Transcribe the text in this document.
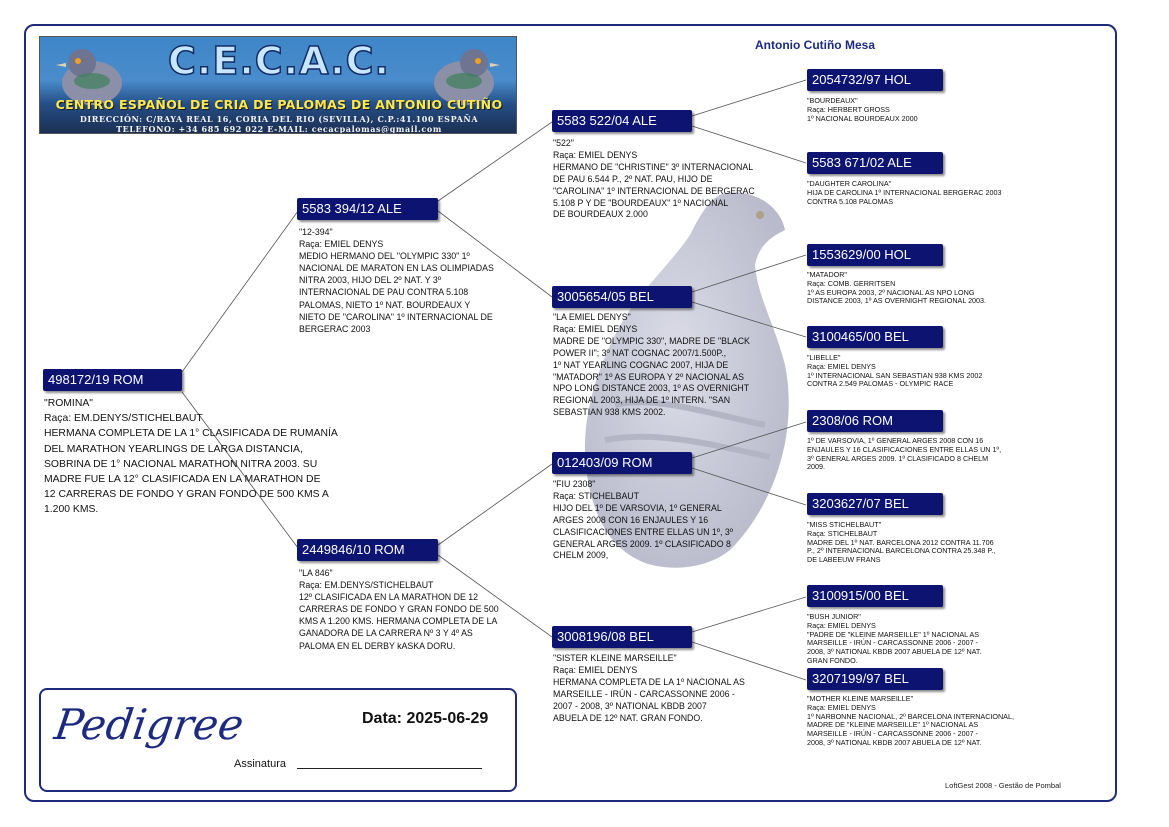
C.E.C.A.C.
CENTRO ESPAÑOL DE CRIA DE PALOMAS DE ANTONIO CUTIÑO
DIRECCIÓN: C/RAYA REAL 16, CORIA DEL RIO (SEVILLA), C.P.:41.100 ESPAÑA
TELEFONO: +34 685 692 022 E-MAIL: cecacpalomas@gmail.com
Antonio Cutiño Mesa
498172/19 ROM
"ROMINA"
Raça: EM.DENYS/STICHELBAUT
HERMANA COMPLETA DE LA 1° CLASIFICADA DE RUMANÍA
DEL MARATHON YEARLINGS DE LARGA DISTANCIA,
SOBRINA DE 1° NACIONAL MARATHON NITRA 2003. SU
MADRE FUE LA 12° CLASIFICADA EN LA MARATHON DE
12 CARRERAS DE FONDO Y GRAN FONDO DE 500 KMS A
1.200 KMS.
5583 394/12 ALE
"12-394"
Raça: EMIEL DENYS
MEDIO HERMANO DEL "OLYMPIC 330" 1º
NACIONAL DE MARATON EN LAS OLIMPIADAS
NITRA 2003, HIJO DEL 2º NAT. Y 3º
INTERNACIONAL DE PAU CONTRA 5.108
PALOMAS, NIETO 1º NAT. BOURDEAUX Y
NIETO DE "CAROLINA" 1º INTERNACIONAL DE
BERGERAC 2003
2449846/10 ROM
"LA 846"
Raça: EM.DENYS/STICHELBAUT
12º CLASIFICADA EN LA MARATHON DE 12
CARRERAS DE FONDO Y GRAN FONDO DE 500
KMS A 1.200 KMS. HERMANA COMPLETA DE LA
GANADORA DE LA CARRERA Nº 3 Y 4º AS
PALOMA EN EL DERBY kASKA DORU.
5583 522/04 ALE
"522"
Raça: EMIEL DENYS
HERMANO DE "CHRISTINE" 3º INTERNACIONAL
DE PAU 6.544 P., 2º NAT. PAU, HIJO DE
"CAROLINA" 1º INTERNACIONAL DE BERGERAC
5.108 P Y DE "BOURDEAUX" 1º NACIONAL
DE BOURDEAUX 2.000
3005654/05 BEL
"LA EMIEL DENYS"
Raça: EMIEL DENYS
MADRE DE "OLYMPIC 330", MADRE DE "BLACK
POWER II"; 3º NAT COGNAC 2007/1.500P.,
1º NAT YEARLING COGNAC 2007, HIJA DE
"MATADOR" 1º AS EUROPA Y 2º NACIONAL AS
NPO LONG DISTANCE 2003, 1º AS OVERNIGHT
REGIONAL 2003, HIJA DE 1º INTERN. "SAN
SEBASTIAN 938 KMS 2002.
012403/09 ROM
"FIU 2308"
Raça: STICHELBAUT
HIJO DEL 1º DE VARSOVIA, 1º GENERAL
ARGES 2008 CON 16 ENJAULES Y 16
CLASIFICACIONES ENTRE ELLAS UN 1º, 3º
GENERAL ARGES 2009. 1º CLASIFICADO 8
CHELM 2009,
3008196/08 BEL
"SISTER KLEINE MARSEILLE"
Raça: EMIEL DENYS
HERMANA COMPLETA DE LA 1º NACIONAL AS
MARSEILLE - IRÚN - CARCASSONNE 2006 -
2007 - 2008, 3º NATIONAL KBDB 2007
ABUELA DE 12º NAT. GRAN FONDO.
2054732/97 HOL
"BOURDEAUX"
Raça: HERBERT GROSS
1º NACIONAL BOURDEAUX 2000
5583 671/02 ALE
"DAUGHTER CAROLINA"
HIJA DE CAROLINA 1º INTERNACIONAL BERGERAC 2003
CONTRA 5.108 PALOMAS
1553629/00 HOL
"MATADOR"
Raça: COMB. GERRITSEN
1º AS EUROPA 2003, 2º NACIONAL AS NPO LONG
DISTANCE 2003, 1º AS OVERNIGHT REGIONAL 2003.
3100465/00 BEL
"LIBELLE"
Raça: EMIEL DENYS
1º INTERNACIONAL SAN SEBASTIAN 938 KMS 2002
CONTRA 2.549 PALOMAS - OLYMPIC RACE
2308/06 ROM
1º DE VARSOVIA, 1º GENERAL ARGES 2008 CON 16
ENJAULES Y 16 CLASIFICACIONES ENTRE ELLAS UN 1º,
3º GENERAL ARGES 2009. 1º CLASIFICADO 8 CHELM
2009.
3203627/07 BEL
"MISS STICHELBAUT"
Raça: STICHELBAUT
MADRE DEL 1º NAT. BARCELONA 2012 CONTRA 11.706
P., 2º INTERNACIONAL BARCELONA CONTRA 25.348 P.,
DE LABEEUW FRANS
3100915/00 BEL
"BUSH JUNIOR"
Raça: EMIEL DENYS
"PADRE DE "KLEINE MARSEILLE" 1º NACIONAL AS
MARSEILLE - IRÚN - CARCASSONNE 2006 - 2007 -
2008, 3º NATIONAL KBDB 2007 ABUELA DE 12º NAT.
GRAN FONDO.
3207199/97 BEL
"MOTHER KLEINE MARSEILLE"
Raça: EMIEL DENYS
1º NARBONNE NACIONAL, 2º BARCELONA INTERNACIONAL,
MADRE DE "KLEINE MARSEILLE" 1º NACIONAL AS
MARSEILLE - IRÚN - CARCASSONNE 2006 - 2007 -
2008, 3º NATIONAL KBDB 2007 ABUELA DE 12º NAT.
Pedigree	Data: 2025-06-29
Assinatura
LoftGest 2008 - Gestão de Pombal
